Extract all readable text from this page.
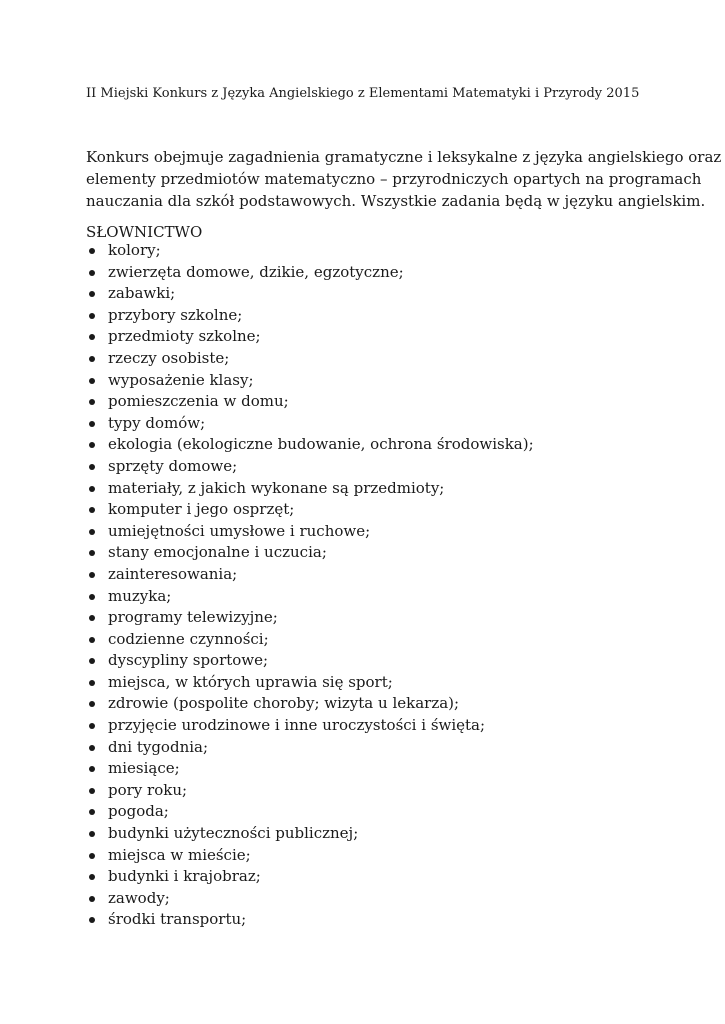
II Miejski Konkurs z Języka Angielskiego z Elementami Matematyki i Przyrody 2015
Konkurs obejmuje zagadnienia gramatyczne i leksykalne z języka angielskiego oraz
elementy przedmiotów matematyczno – przyrodniczych opartych na programach
nauczania dla szkół podstawowych. Wszystkie zadania będą w języku angielskim.
SŁOWNICTWO
kolory;
zwierzęta domowe, dzikie, egzotyczne;
zabawki;
przybory szkolne;
przedmioty szkolne;
rzeczy osobiste;
wyposażenie klasy;
pomieszczenia w domu;
typy domów;
ekologia (ekologiczne budowanie, ochrona środowiska);
sprzęty domowe;
materiały, z jakich wykonane są przedmioty;
komputer i jego osprzęt;
umiejętności umysłowe i ruchowe;
stany emocjonalne i uczucia;
zainteresowania;
muzyka;
programy telewizyjne;
codzienne czynności;
dyscypliny sportowe;
miejsca, w których uprawia się sport;
zdrowie (pospolite choroby; wizyta u lekarza);
przyjęcie urodzinowe i inne uroczystości i święta;
dni tygodnia;
miesiące;
pory roku;
pogoda;
budynki użyteczności publicznej;
miejsca w mieście;
budynki i krajobraz;
zawody;
środki transportu;
